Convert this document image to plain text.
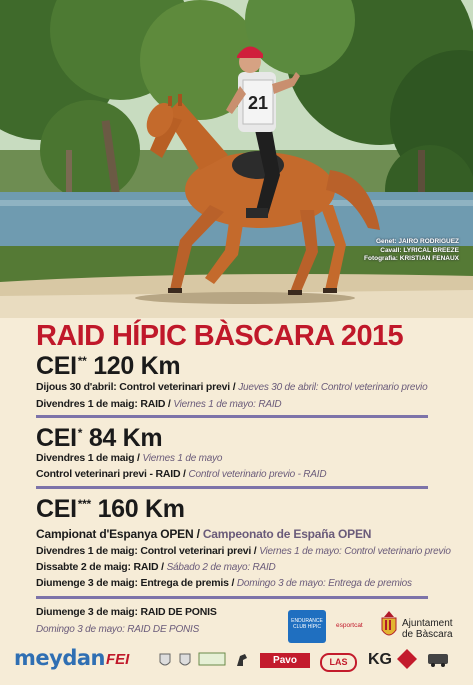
21
Genet: JAIRO RODRIGUEZ
Cavall: LYRICAL BREEZE
Fotografia: KRISTIAN FENAUX
RAID HÍPIC BÀSCARA 2015
CEI** 120 Km
Dijous 30 d'abril: Control veterinari previ / Jueves 30 de abril: Control veterinario previo
Divendres 1 de maig: RAID / Viernes 1 de mayo: RAID
CEI* 84 Km
Divendres 1 de maig / Viernes 1 de mayo
Control veterinari previ - RAID / Control veterinario previo - RAID
CEI*** 160 Km
Campionat d'Espanya OPEN / Campeonato de España OPEN
Divendres 1 de maig: Control veterinari previ / Viernes 1 de mayo: Control veterinario previo
Dissabte 2 de maig: RAID / Sábado 2 de mayo: RAID
Diumenge 3 de maig: Entrega de premis / Domingo 3 de mayo: Entrega de premios
Diumenge 3 de maig: RAID DE PONIS
Domingo 3 de mayo: RAID DE PONIS
ENDURANCE CLUB HÍPIC	esportcat	Ajuntament
de Bàscara
meydan FEI	Pavo	LAS	KG
